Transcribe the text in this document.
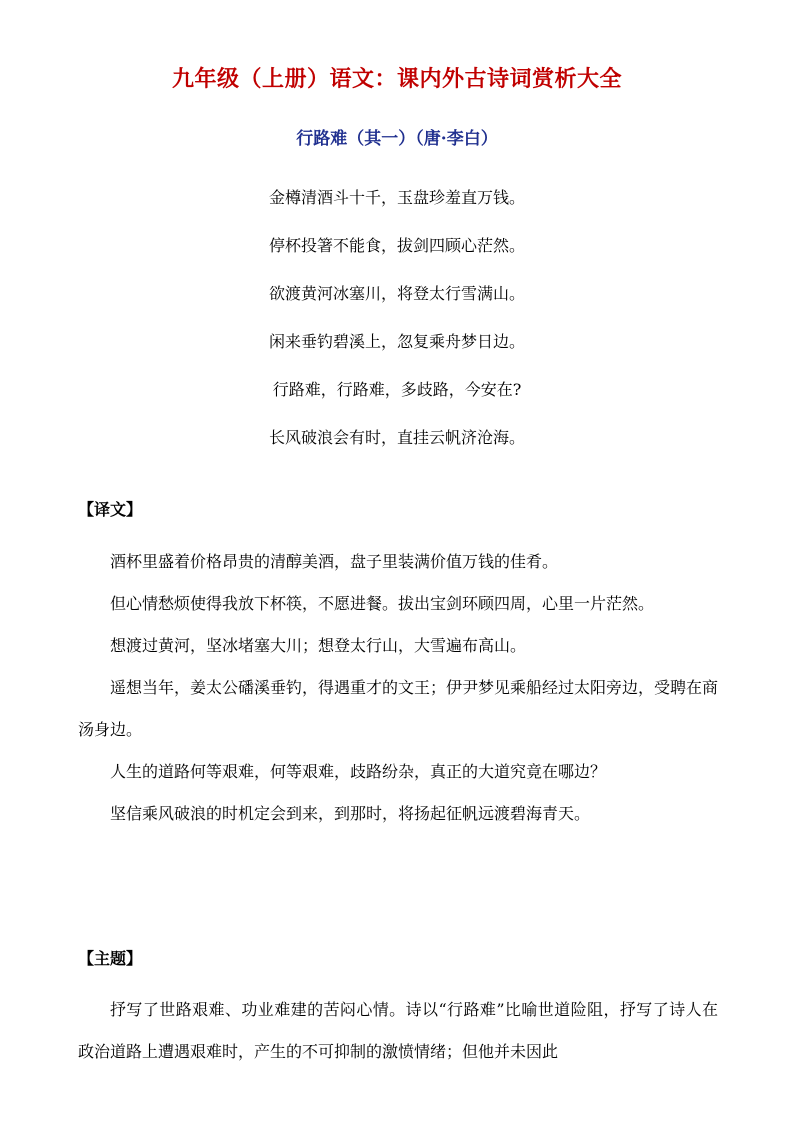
九年级（上册）语文：课内外古诗词赏析大全
行路难（其一）（唐·李白）
金樽清酒斗十千，玉盘珍羞直万钱。
停杯投箸不能食，拔剑四顾心茫然。
欲渡黄河冰塞川，将登太行雪满山。
闲来垂钓碧溪上，忽复乘舟梦日边。
行路难，行路难，多歧路，今安在?
长风破浪会有时，直挂云帆济沧海。
【译文】

酒杯里盛着价格昂贵的清醇美酒，盘子里装满价值万钱的佳肴。

但心情愁烦使得我放下杯筷，不愿进餐。拔出宝剑环顾四周，心里一片茫然。

想渡过黄河，坚冰堵塞大川；想登太行山，大雪遍布高山。

遥想当年，姜太公磻溪垂钓，得遇重才的文王；伊尹梦见乘船经过太阳旁边，受聘在商汤身边。

人生的道路何等艰难，何等艰难，歧路纷杂，真正的大道究竟在哪边？

坚信乘风破浪的时机定会到来，到那时，将扬起征帆远渡碧海青天。

【主题】

抒写了世路艰难、功业难建的苦闷心情。诗以“行路难”比喻世道险阻，抒写了诗人在政治道路上遭遇艰难时，产生的不可抑制的激愤情绪；但他并未因此
